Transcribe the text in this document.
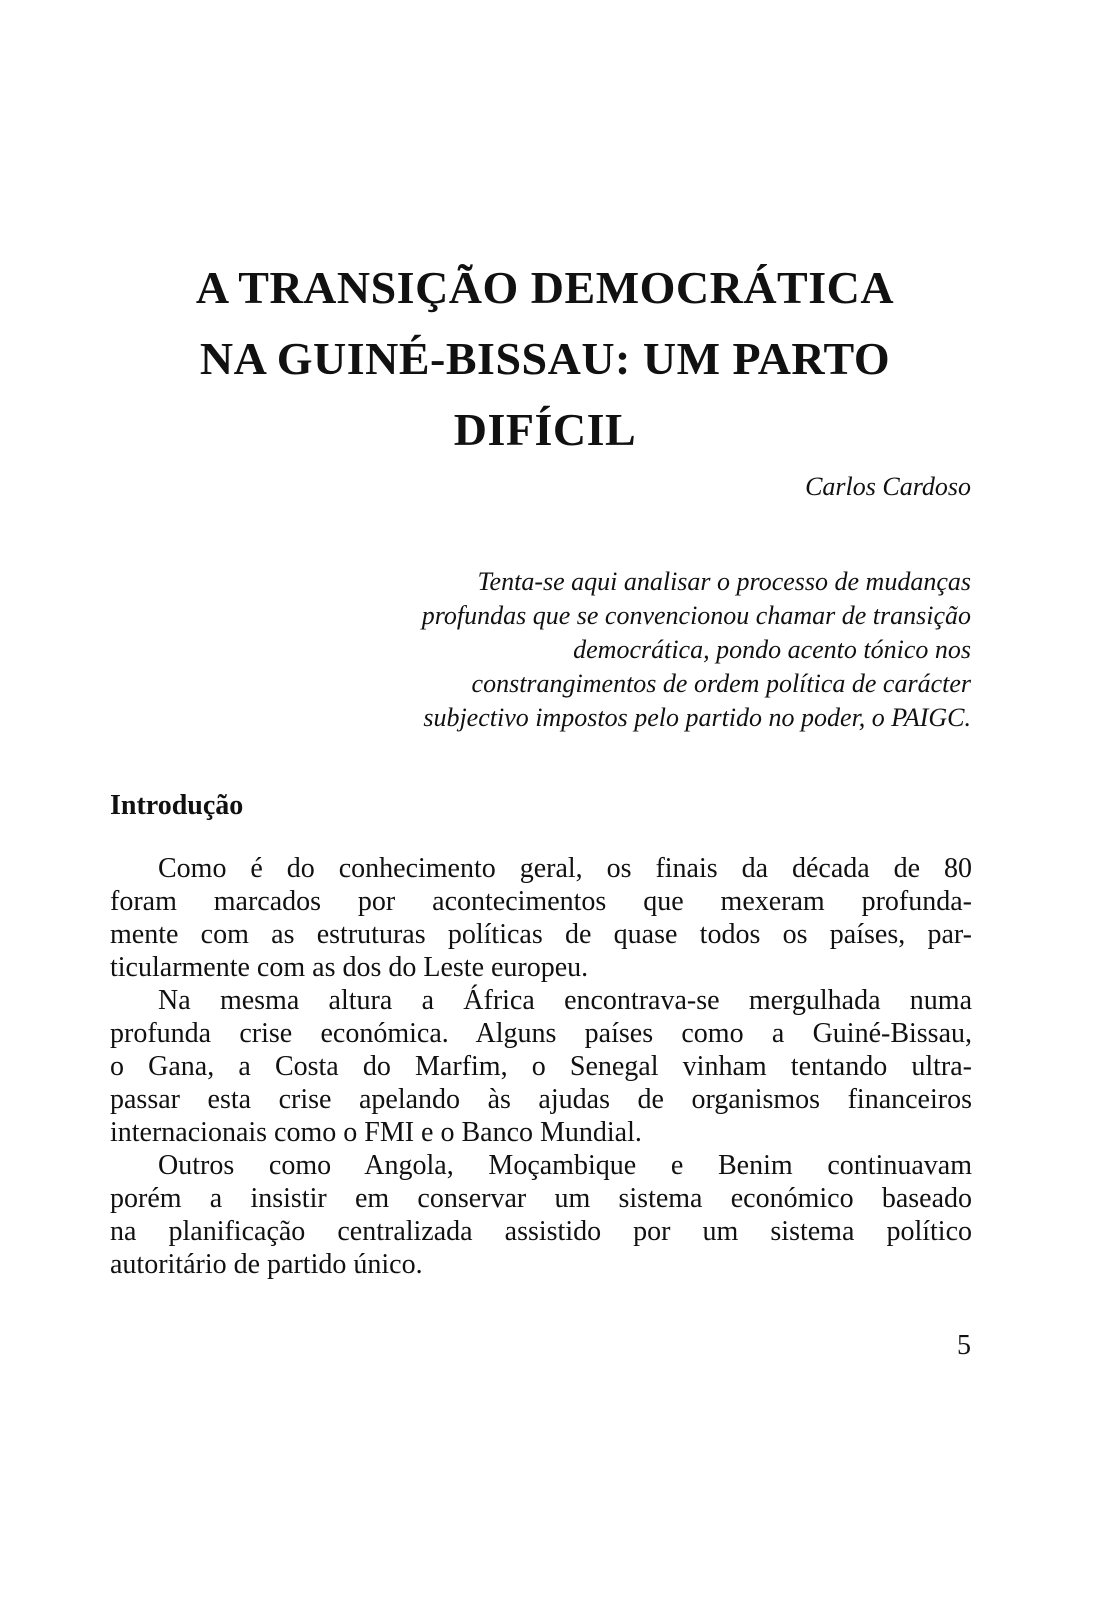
A TRANSIÇÃO DEMOCRÁTICA
NA GUINÉ-BISSAU: UM PARTO
DIFÍCIL

Carlos Cardoso

Tenta-se aqui analisar o processo de mudanças
profundas que se convencionou chamar de transição
democrática, pondo acento tónico nos
constrangimentos de ordem política de carácter
subjectivo impostos pelo partido no poder, o PAIGC.

Introdução
Como é do conhecimento geral, os finais da década de 80
foram marcados por acontecimentos que mexeram profunda-
mente com as estruturas políticas de quase todos os países, par-
ticularmente com as dos do Leste europeu.
Na mesma altura a África encontrava-se mergulhada numa
profunda crise económica. Alguns países como a Guiné-Bissau,
o Gana, a Costa do Marfim, o Senegal vinham tentando ultra-
passar esta crise apelando às ajudas de organismos financeiros
internacionais como o FMI e o Banco Mundial.
Outros como Angola, Moçambique e Benim continuavam
porém a insistir em conservar um sistema económico baseado
na planificação centralizada assistido por um sistema político
autoritário de partido único.

5
